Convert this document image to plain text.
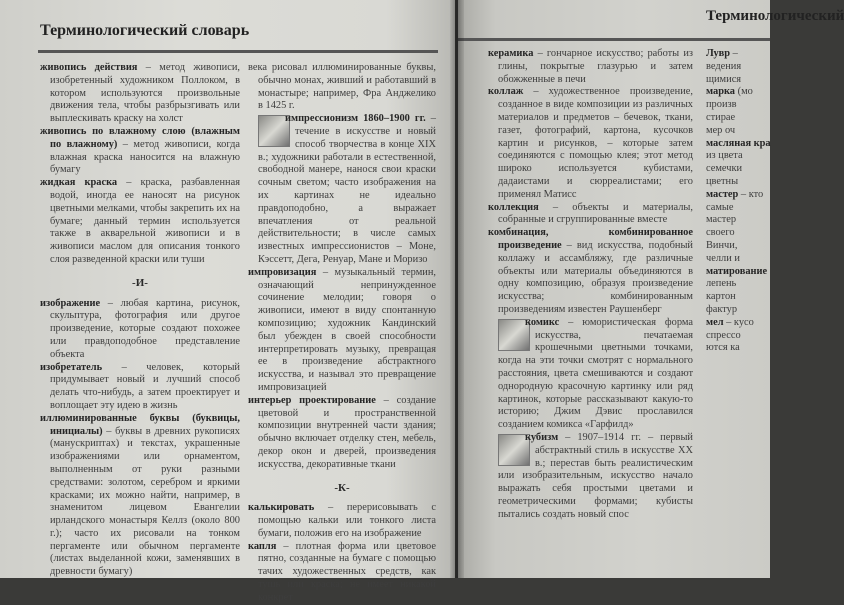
Терминологический словарь

живопись действия – метод живописи, изобретенный художником Поллоком, в котором используются произвольные движения тела, чтобы разбрызгивать или выплескивать краску на холст

живопись по влажному слою (влажным по влажному) – метод живописи, когда влажная краска наносится на влажную бумагу

жидкая краска – краска, разбавленная водой, иногда ее наносят на рисунок цветными мелками, чтобы закрепить их на бумаге; данный термин используется также в акварельной живописи и в живописи маслом для описания тонкого слоя разведенной краски или туши

-И-

изображение – любая картина, рисунок, скульптура, фотография или другое произведение, которые создают похожее или правдоподобное представление объекта

изобретатель – человек, который придумывает новый и лучший способ делать что-нибудь, а затем проектирует и воплощает эту идею в жизнь

иллюминированные буквы (буквицы, инициалы) – буквы в древних рукописях (манускриптах) и текстах, украшенные изображениями или орнаментом, выполненным от руки разными средствами: золотом, серебром и яркими красками; их можно найти, например, в знаменитом лицевом Евангелии ирландского монастыря Келлз (около 800 г.); часто их рисовали на тонком пергаменте или обычном пергаменте (листах выделанной кожи, заменявших в древности бумагу)

века рисовал иллюминированные буквы, обычно монах, живший и работавший в монастыре; например, Фра Анджелико в 1425 г.

импрессионизм 1860–1900 гг. – течение в искусстве и новый способ творчества в конце XIX в.; художники работали в естественной, свободной манере, нанося свои краски сочным светом; часто изображения на их картинах не идеально правдоподобно, а выражает впечатления от реальной действительности; в числе самых известных импрессионистов – Моне, Кэссетт, Дега, Ренуар, Мане и Моризо

импровизация – музыкальный термин, означающий непринужденное сочинение мелодии; говоря о живописи, имеют в виду спонтанную композицию; художник Кандинский был убежден в своей способности интерпретировать музыку, превращая ее в произведение абстрактного искусства, и называл это превращение импровизацией

интерьер проектирование – создание цветовой и пространственной композиции внутренней части здания; обычно включает отделку стен, мебель, декор окон и дверей, произведения искусства, декоративные ткани

-К-

калькировать – перерисовывать с помощью кальки или тонкого листа бумаги, положив его на изображение

капля – плотная форма или цветовое пятно, созданные на бумаге с помощью тачих художественных средств, как тушь или краска; не имеет никакой конкрет

Терминологический

керамика – гончарное искусство; работы из глины, покрытые глазурью и затем обожженные в печи

коллаж – художественное произведение, созданное в виде композиции из различных материалов и предметов – бечевок, ткани, газет, фотографий, картона, кусочков картин и рисунков, – которые затем соединяются с помощью клея; этот метод широко используется кубистами, дадаистами и сюрреалистами; его применял Матисс

коллекция – объекты и материалы, собранные и сгруппированные вместе

комбинация, комбинированное произведение – вид искусства, подобный коллажу и ассамбляжу, где различные объекты или материалы объединяются в одну композицию, образуя произведение искусства; комбинированным произведениям известен Раушенберг

комикс – юмористическая форма искусства, печатаемая крошечными цветными точками, когда на эти точки смотрят с нормального расстояния, цвета смешиваются и создают однородную красочную картинку или ряд картинок, которые рассказывают какую-то историю; Джим Дэвис прославился созданием комикса «Гарфилд»

кубизм – 1907–1914 гг. – первый абстрактный стиль в искусстве XX в.; перестав быть реалистическим или изобразительным, искусство начало выражать себя простыми цветами и геометрическими формами; кубисты пытались создать новый спос

Лувр –

ведения

щимися

марка (мо

произв

стирае

мер оч

масляная кра

из цвета

семечки

цветны

мастер – кто

самые

мастер

своего

Винчи,

челли и

матирование

лепень

картон

фактур

мел – кусо

спрессо

ются ка
